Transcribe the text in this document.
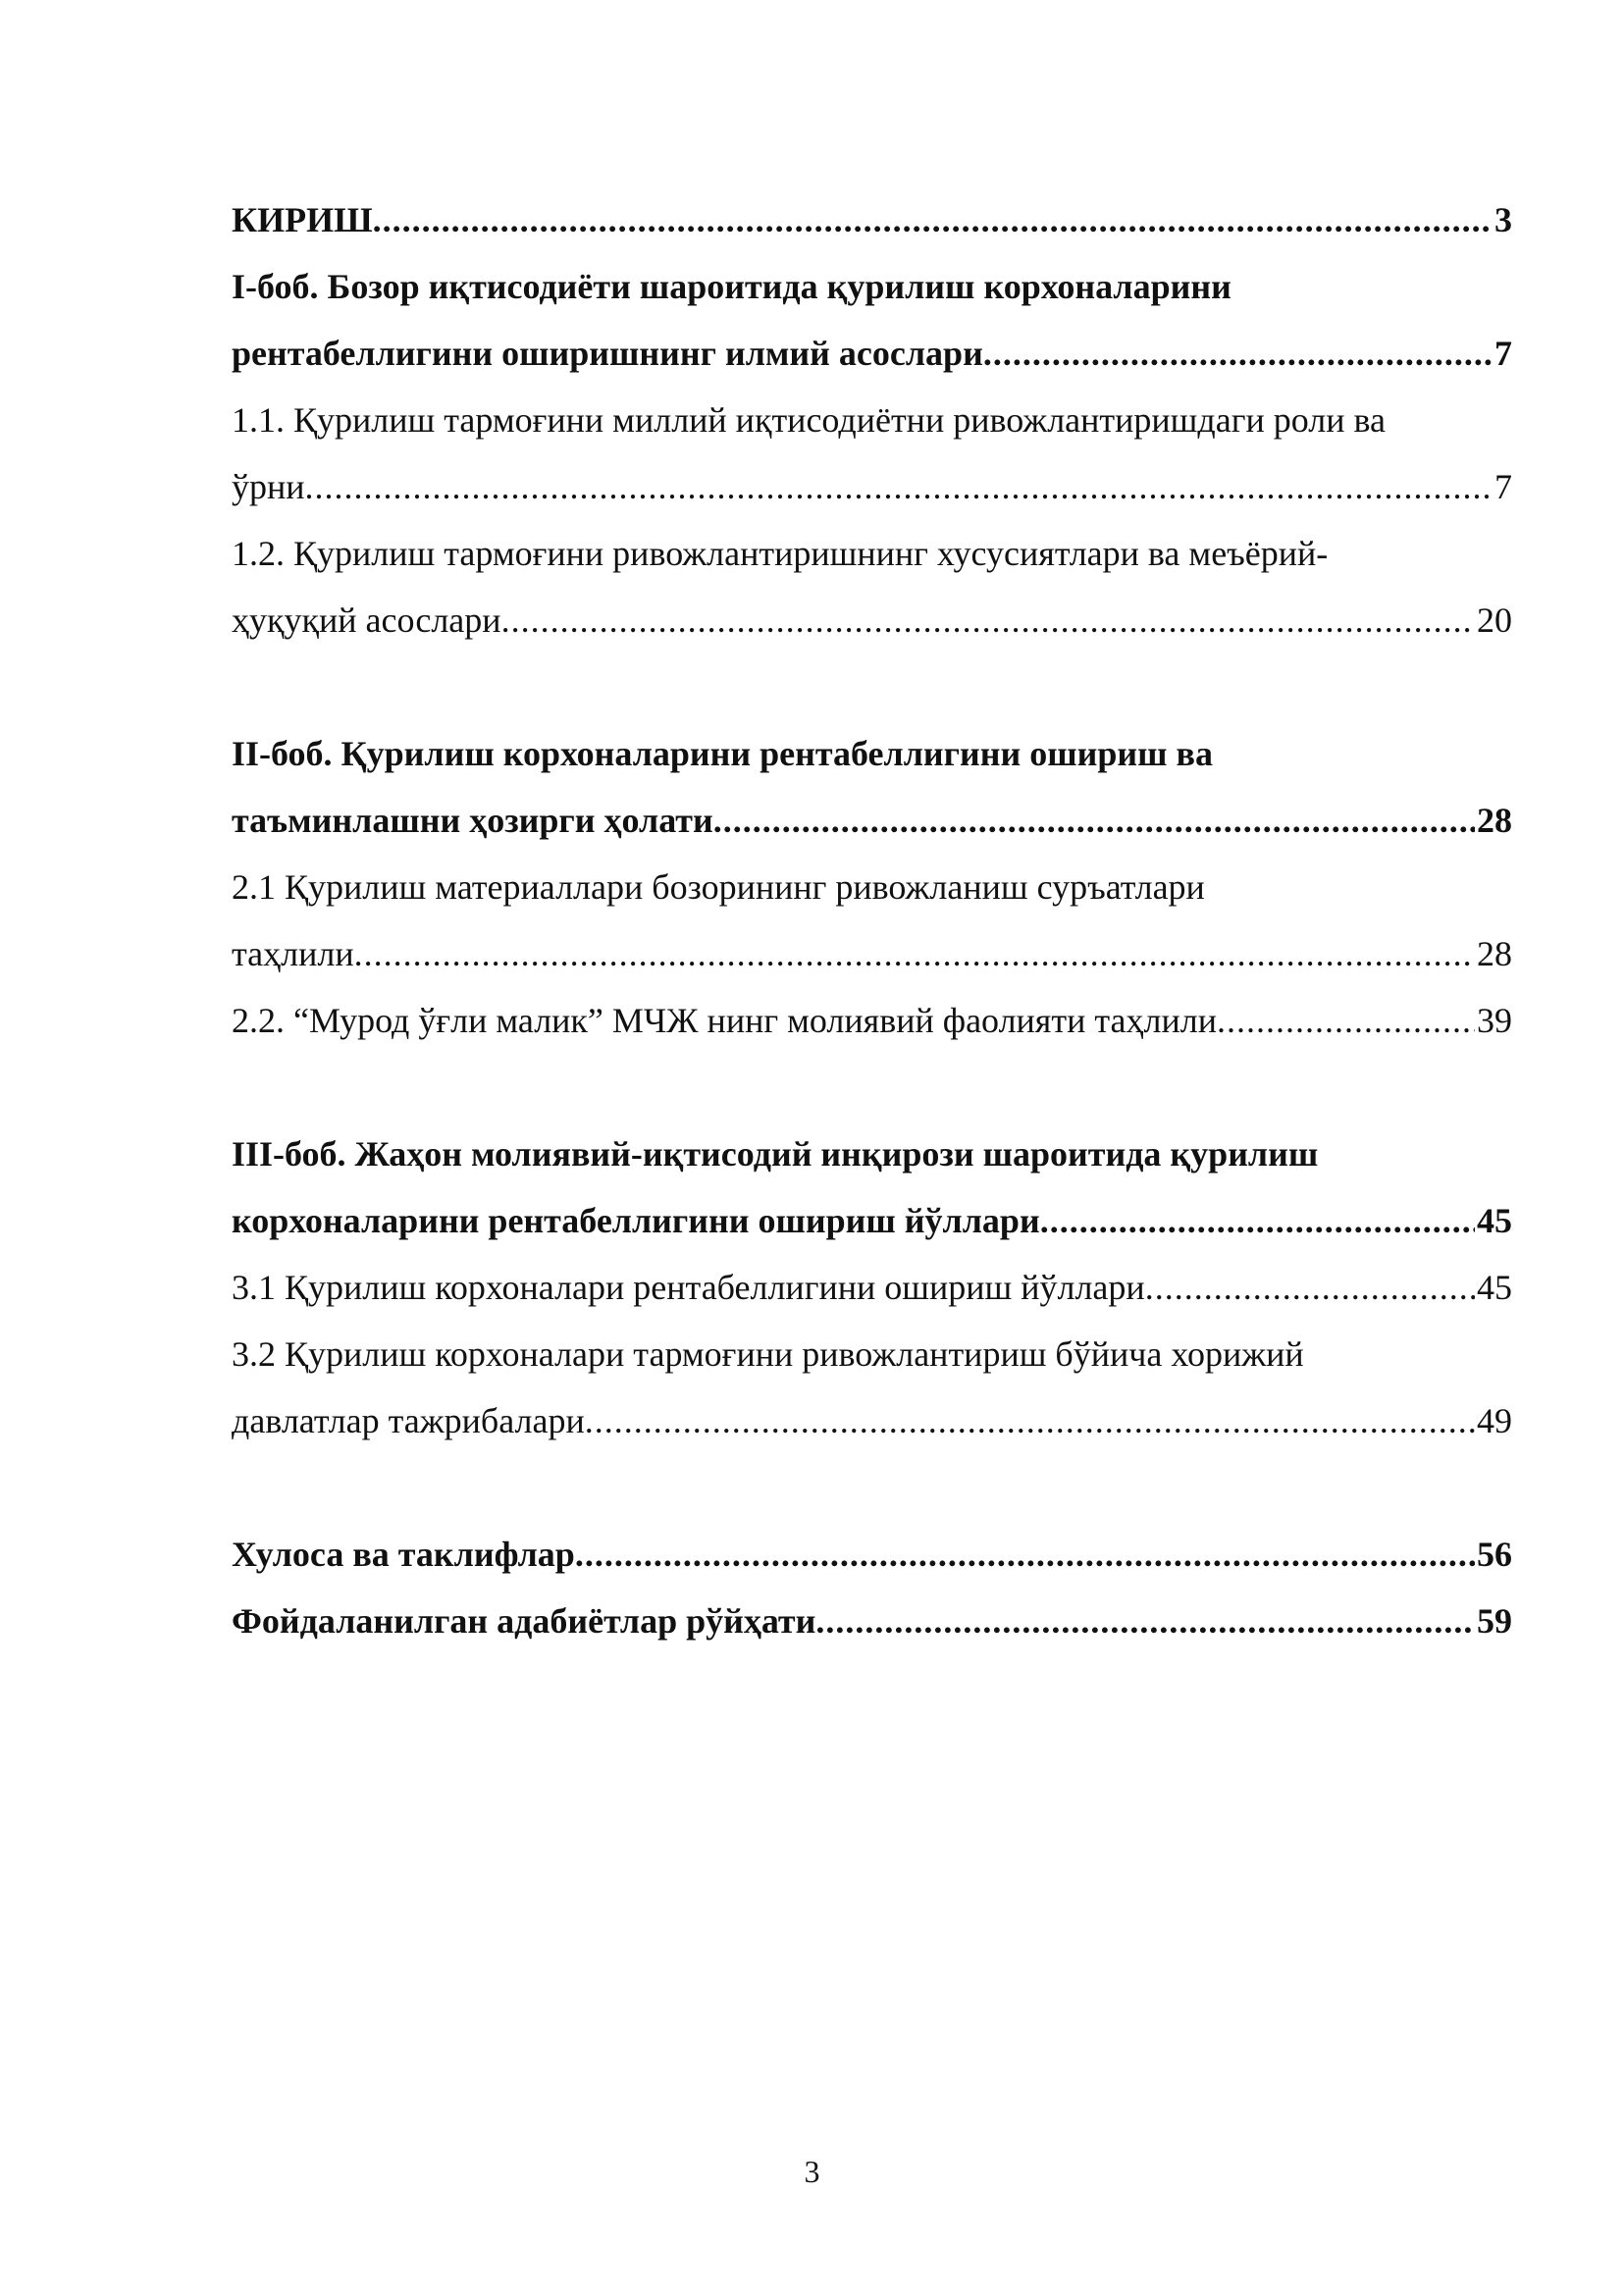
КИРИШ .....	3
I-боб. Бозор иқтисодиёти шароитида қурилиш корхоналарини
рентабеллигини оширишнинг илмий асослари .....	7
1.1. Қурилиш тармоғини миллий иқтисодиётни ривожлантиришдаги роли ва
ўрни .....	7
1.2. Қурилиш тармоғини ривожлантиришнинг хусусиятлари ва меъёрий-
ҳуқуқий асослари .....	20
II-боб. Қурилиш корхоналарини рентабеллигини ошириш ва
таъминлашни ҳозирги ҳолати .....	28
2.1 Қурилиш материаллари бозорининг ривожланиш суръатлари
таҳлили .....	28
2.2. “Мурод ўғли малик” МЧЖ нинг молиявий фаолияти таҳлили .....	39
III-боб. Жаҳон молиявий-иқтисодий инқирози шароитида қурилиш
корхоналарини рентабеллигини ошириш йўллари .....	45
3.1 Қурилиш корхоналари рентабеллигини ошириш йўллари .....	45
3.2 Қурилиш корхоналари тармоғини ривожлантириш бўйича хорижий
давлатлар тажрибалари .....	49
Хулоса ва таклифлар .....	56
Фойдаланилган адабиётлар рўйҳати .....	59
3
